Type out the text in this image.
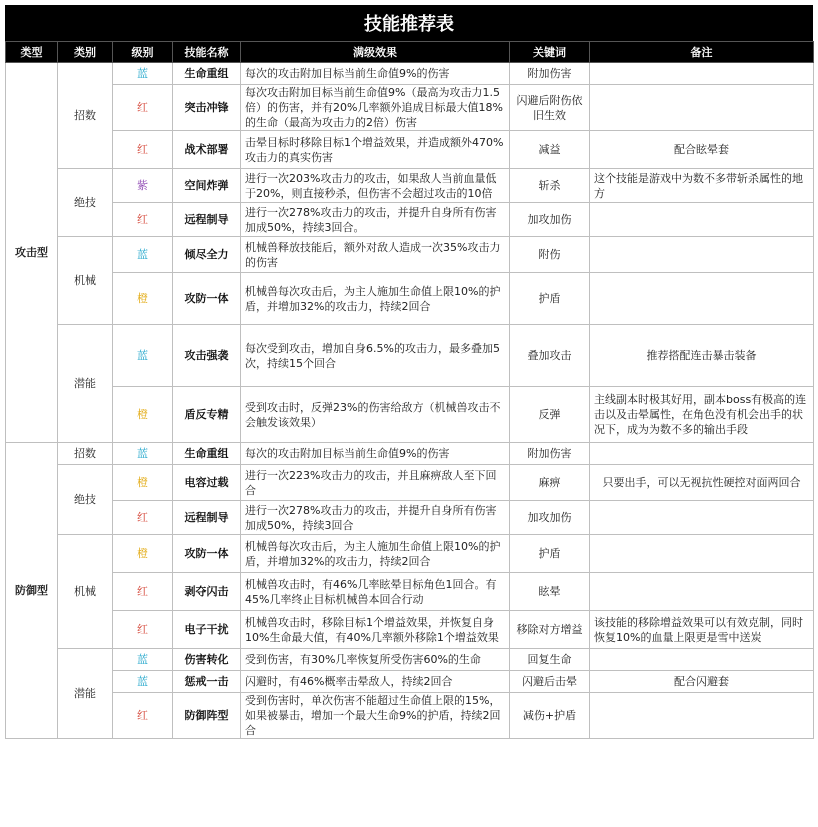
技能推荐表
类型	类别	级别	技能名称	满级效果	关键词	备注
攻击型	招数	蓝	生命重组	每次的攻击附加目标当前生命值9%的伤害	附加伤害	
		红	突击冲锋	每次攻击附加目标当前生命值9%（最高为攻击力1.5倍）的伤害，并有20%几率额外追成目标最大值18%的生命（最高为攻击力的2倍）伤害	闪避后附伤依旧生效	
		红	战术部署	击晕目标时移除目标1个增益效果，并造成额外470%攻击力的真实伤害	减益	配合眩晕套
	绝技	紫	空间炸弹	进行一次203%攻击力的攻击，如果敌人当前血量低于20%，则直接秒杀，但伤害不会超过攻击的10倍	斩杀	这个技能是游戏中为数不多带斩杀属性的地方
		红	远程制导	进行一次278%攻击力的攻击，并提升自身所有伤害加成50%，持续3回合。	加攻加伤	
	机械	蓝	倾尽全力	机械兽释放技能后，额外对敌人造成一次35%攻击力的伤害	附伤	
		橙	攻防一体	机械兽每次攻击后，为主人施加生命值上限10%的护盾，并增加32%的攻击力，持续2回合	护盾	
	潜能	蓝	攻击强袭	每次受到攻击，增加自身6.5%的攻击力，最多叠加5次，持续15个回合	叠加攻击	推荐搭配连击暴击装备
		橙	盾反专精	受到攻击时，反弹23%的伤害给敌方（机械兽攻击不会触发该效果）	反弹	主线副本时极其好用，副本boss有极高的连击以及击晕属性，在角色没有机会出手的状况下，成为为数不多的输出手段
防御型	招数	蓝	生命重组	每次的攻击附加目标当前生命值9%的伤害	附加伤害	
	绝技	橙	电容过载	进行一次223%攻击力的攻击，并且麻痹敌人至下回合	麻痹	只要出手，可以无视抗性硬控对面两回合
		红	远程制导	进行一次278%攻击力的攻击，并提升自身所有伤害加成50%，持续3回合	加攻加伤	
	机械	橙	攻防一体	机械兽每次攻击后，为主人施加生命值上限10%的护盾，并增加32%的攻击力，持续2回合	护盾	
		红	剥夺闪击	机械兽攻击时，有46%几率眩晕目标角色1回合。有45%几率终止目标机械兽本回合行动	眩晕	
		红	电子干扰	机械兽攻击时，移除目标1个增益效果，并恢复自身10%生命最大值，有40%几率额外移除1个增益效果	移除对方增益	该技能的移除增益效果可以有效克制，同时恢复10%的血量上限更是雪中送炭
	潜能	蓝	伤害转化	受到伤害，有30%几率恢复所受伤害60%的生命	回复生命	
		蓝	惩戒一击	闪避时，有46%概率击晕敌人，持续2回合	闪避后击晕	配合闪避套
		红	防御阵型	受到伤害时，单次伤害不能超过生命值上限的15%，如果被暴击，增加一个最大生命9%的护盾，持续2回合	减伤+护盾	
